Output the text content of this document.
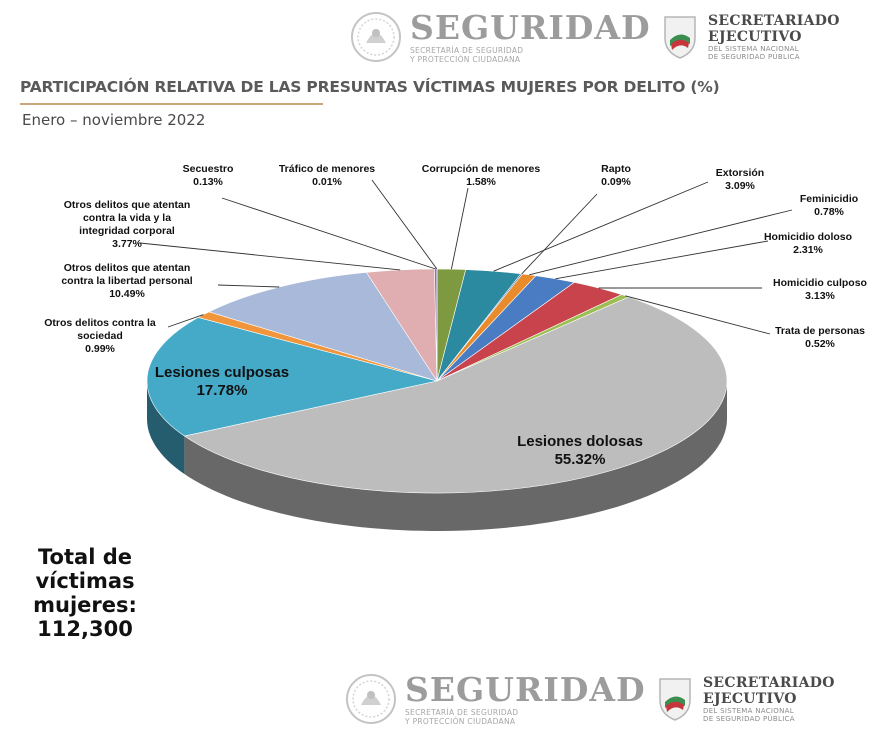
SEGURIDAD
SECRETARÍA DE SEGURIDAD
Y PROTECCIÓN CIUDADANA
SECRETARIADO
EJECUTIVO
DEL SISTEMA NACIONAL
DE SEGURIDAD PÚBLICA
PARTICIPACIÓN RELATIVA DE LAS PRESUNTAS VÍCTIMAS MUJERES POR DELITO (%)
Enero – noviembre 2022
Secuestro
0.13%
Tráfico de menores
0.01%
Corrupción de menores
1.58%
Rapto
0.09%
Extorsión
3.09%
Feminicidio
0.78%
Homicidio doloso
2.31%
Homicidio culposo
3.13%
Trata de personas
0.52%
Otros delitos que atentan
contra la vida y la
integridad corporal
3.77%
Otros delitos que atentan
contra la libertad personal
10.49%
Otros delitos contra la
sociedad
0.99%
Lesiones culposas
17.78%
Lesiones dolosas
55.32%
Total de víctimas
mujeres:
112,300
SEGURIDAD
SECRETARÍA DE SEGURIDAD
Y PROTECCIÓN CIUDADANA
SECRETARIADO
EJECUTIVO
DEL SISTEMA NACIONAL
DE SEGURIDAD PÚBLICA
